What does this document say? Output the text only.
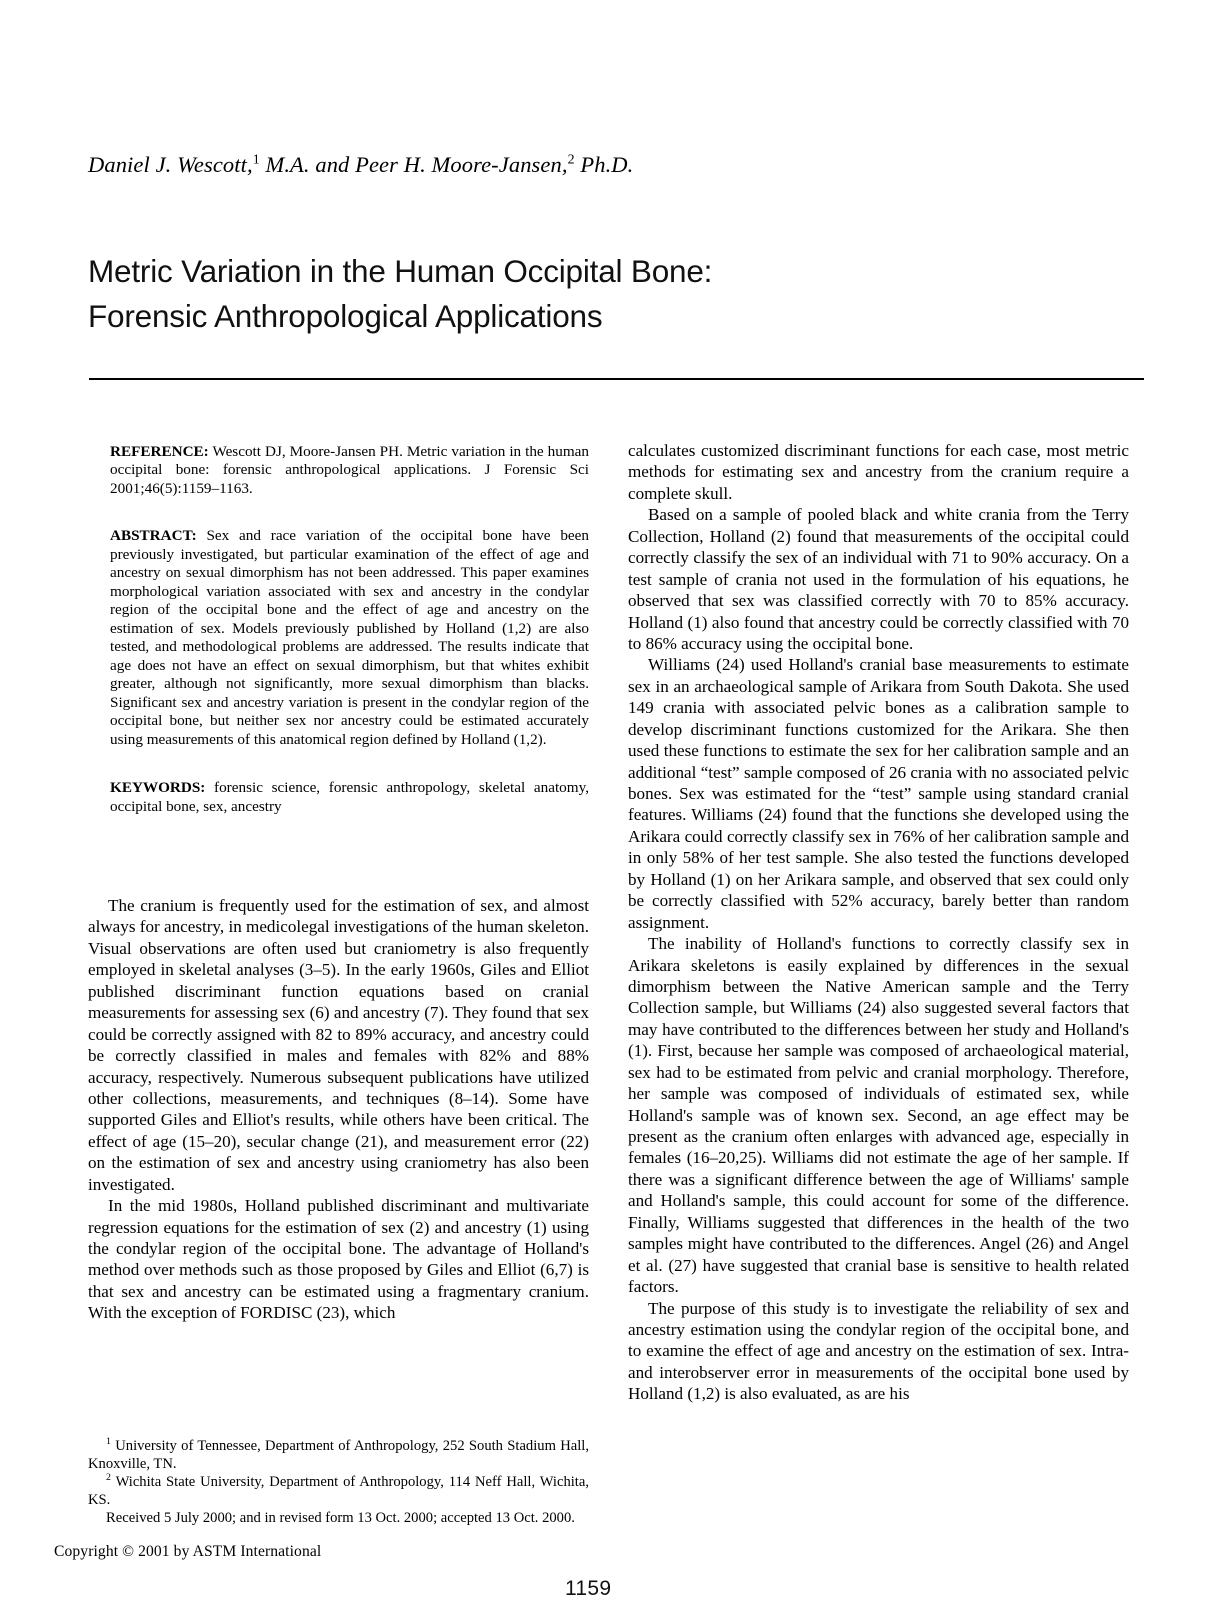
Daniel J. Wescott,$^1$ M.A. and Peer H. Moore-Jansen,$^2$ Ph.D.
Metric Variation in the Human Occipital Bone:
Forensic Anthropological Applications

REFERENCE: Wescott DJ, Moore-Jansen PH. Metric variation in the human occipital bone: forensic anthropological applications. J Forensic Sci 2001;46(5):1159–1163.

ABSTRACT: Sex and race variation of the occipital bone have been previously investigated, but particular examination of the effect of age and ancestry on sexual dimorphism has not been addressed. This paper examines morphological variation associated with sex and ancestry in the condylar region of the occipital bone and the effect of age and ancestry on the estimation of sex. Models previously published by Holland (1,2) are also tested, and methodological problems are addressed. The results indicate that age does not have an effect on sexual dimorphism, but that whites exhibit greater, although not significantly, more sexual dimorphism than blacks. Significant sex and ancestry variation is present in the condylar region of the occipital bone, but neither sex nor ancestry could be estimated accurately using measurements of this anatomical region defined by Holland (1,2).

KEYWORDS: forensic science, forensic anthropology, skeletal anatomy, occipital bone, sex, ancestry

The cranium is frequently used for the estimation of sex, and almost always for ancestry, in medicolegal investigations of the human skeleton. Visual observations are often used but craniometry is also frequently employed in skeletal analyses (3–5). In the early 1960s, Giles and Elliot published discriminant function equations based on cranial measurements for assessing sex (6) and ancestry (7). They found that sex could be correctly assigned with 82 to 89% accuracy, and ancestry could be correctly classified in males and females with 82% and 88% accuracy, respectively. Numerous subsequent publications have utilized other collections, measurements, and techniques (8–14). Some have supported Giles and Elliot's results, while others have been critical. The effect of age (15–20), secular change (21), and measurement error (22) on the estimation of sex and ancestry using craniometry has also been investigated.

In the mid 1980s, Holland published discriminant and multivariate regression equations for the estimation of sex (2) and ancestry (1) using the condylar region of the occipital bone. The advantage of Holland's method over methods such as those proposed by Giles and Elliot (6,7) is that sex and ancestry can be estimated using a fragmentary cranium. With the exception of FORDISC (23), which

$^1$ University of Tennessee, Department of Anthropology, 252 South Stadium Hall, Knoxville, TN.

$^2$ Wichita State University, Department of Anthropology, 114 Neff Hall, Wichita, KS.

Received 5 July 2000; and in revised form 13 Oct. 2000; accepted 13 Oct. 2000.

calculates customized discriminant functions for each case, most metric methods for estimating sex and ancestry from the cranium require a complete skull.

Based on a sample of pooled black and white crania from the Terry Collection, Holland (2) found that measurements of the occipital could correctly classify the sex of an individual with 71 to 90% accuracy. On a test sample of crania not used in the formulation of his equations, he observed that sex was classified correctly with 70 to 85% accuracy. Holland (1) also found that ancestry could be correctly classified with 70 to 86% accuracy using the occipital bone.

Williams (24) used Holland's cranial base measurements to estimate sex in an archaeological sample of Arikara from South Dakota. She used 149 crania with associated pelvic bones as a calibration sample to develop discriminant functions customized for the Arikara. She then used these functions to estimate the sex for her calibration sample and an additional “test” sample composed of 26 crania with no associated pelvic bones. Sex was estimated for the “test” sample using standard cranial features. Williams (24) found that the functions she developed using the Arikara could correctly classify sex in 76% of her calibration sample and in only 58% of her test sample. She also tested the functions developed by Holland (1) on her Arikara sample, and observed that sex could only be correctly classified with 52% accuracy, barely better than random assignment.

The inability of Holland's functions to correctly classify sex in Arikara skeletons is easily explained by differences in the sexual dimorphism between the Native American sample and the Terry Collection sample, but Williams (24) also suggested several factors that may have contributed to the differences between her study and Holland's (1). First, because her sample was composed of archaeological material, sex had to be estimated from pelvic and cranial morphology. Therefore, her sample was composed of individuals of estimated sex, while Holland's sample was of known sex. Second, an age effect may be present as the cranium often enlarges with advanced age, especially in females (16–20,25). Williams did not estimate the age of her sample. If there was a significant difference between the age of Williams' sample and Holland's sample, this could account for some of the difference. Finally, Williams suggested that differences in the health of the two samples might have contributed to the differences. Angel (26) and Angel et al. (27) have suggested that cranial base is sensitive to health related factors.

The purpose of this study is to investigate the reliability of sex and ancestry estimation using the condylar region of the occipital bone, and to examine the effect of age and ancestry on the estimation of sex. Intra- and interobserver error in measurements of the occipital bone used by Holland (1,2) is also evaluated, as are his

Copyright © 2001 by ASTM International
1159
